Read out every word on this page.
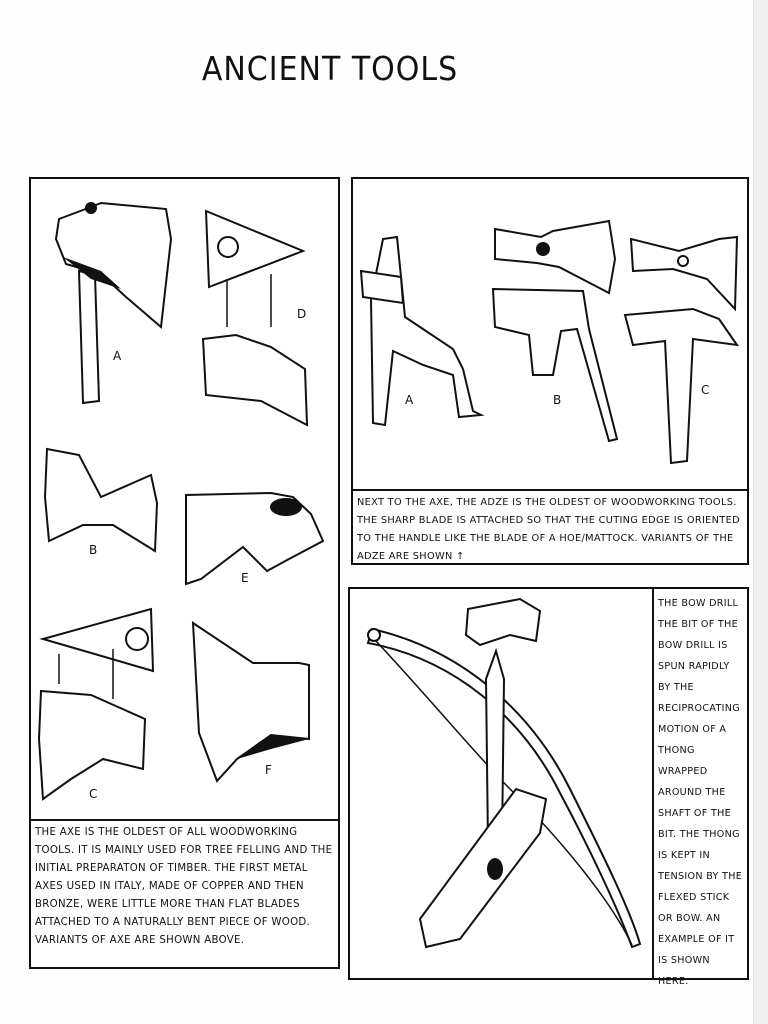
ANCIENT TOOLS
A
B
C
D
E
F
THE AXE IS THE OLDEST OF ALL WOODWORKING TOOLS. IT IS MAINLY USED FOR TREE FELLING AND THE INITIAL PREPARATON OF TIMBER. THE FIRST METAL AXES USED IN ITALY, MADE OF COPPER AND THEN BRONZE, WERE LITTLE MORE THAN FLAT BLADES ATTACHED TO A NATURALLY BENT PIECE OF WOOD. VARIANTS OF AXE ARE SHOWN ABOVE.
A	B
C
NEXT TO THE AXE, THE ADZE IS THE OLDEST OF WOODWORKING TOOLS. THE SHARP BLADE IS ATTACHED SO THAT THE CUTING EDGE IS ORIENTED TO THE HANDLE LIKE THE BLADE OF A HOE/MATTOCK. VARIANTS OF THE ADZE ARE SHOWN ↑
THE BOW DRILL THE BIT OF THE BOW DRILL IS SPUN RAPIDLY BY THE RECIPROCATING MOTION OF A THONG WRAPPED AROUND THE SHAFT OF THE BIT. THE THONG IS KEPT IN TENSION BY THE FLEXED STICK OR BOW. AN EXAMPLE OF IT IS SHOWN HERE.
